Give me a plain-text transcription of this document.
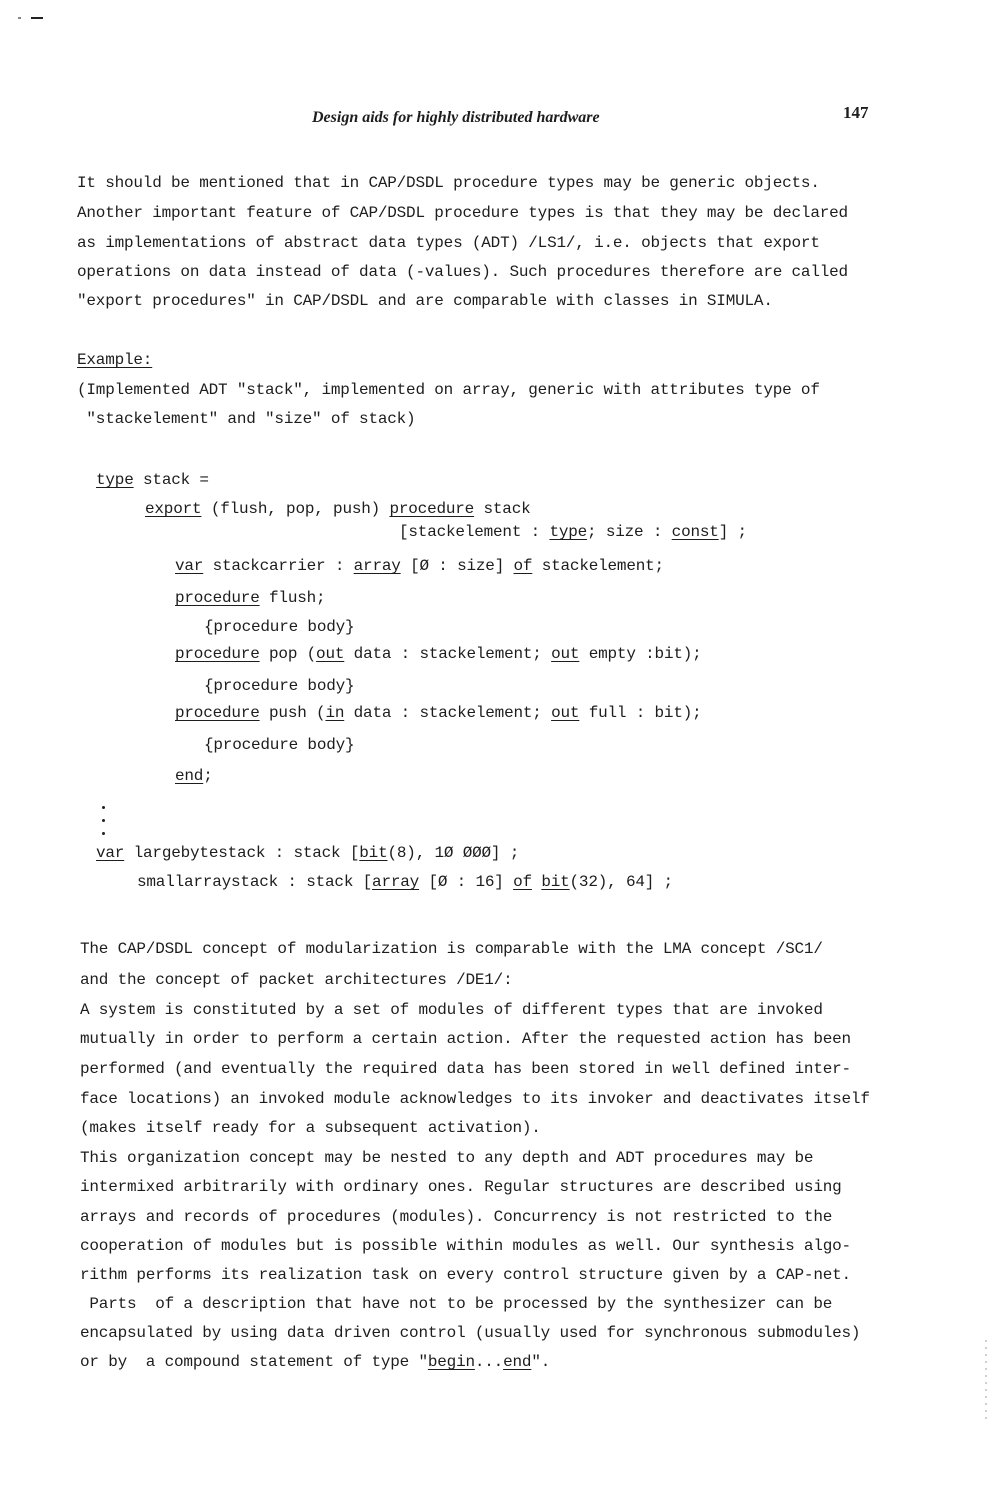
Design aids for highly distributed hardware	147
It should be mentioned that in CAP/DSDL procedure types may be generic objects.
Another important feature of CAP/DSDL procedure types is that they may be declared
as implementations of abstract data types (ADT) /LS1/, i.e. objects that export
operations on data instead of data (-values). Such procedures therefore are called
"export procedures" in CAP/DSDL and are comparable with classes in SIMULA.
Example:
(Implemented ADT "stack", implemented on array, generic with attributes type of
"stackelement" and "size" of stack)
type stack =
export (flush, pop, push) procedure stack
[stackelement : type; size : const] ;
var stackcarrier : array [Ø : size] of stackelement;
procedure flush;
{procedure body}
procedure pop (out data : stackelement; out empty :bit);
{procedure body}
procedure push (in data : stackelement; out full : bit);
{procedure body}
end;
var largebytestack : stack [bit(8), 1Ø ØØØ] ;
smallarraystack : stack [array [Ø : 16] of bit(32), 64] ;
The CAP/DSDL concept of modularization is comparable with the LMA concept /SC1/
and the concept of packet architectures /DE1/:
A system is constituted by a set of modules of different types that are invoked
mutually in order to perform a certain action. After the requested action has been
performed (and eventually the required data has been stored in well defined inter-
face locations) an invoked module acknowledges to its invoker and deactivates itself
(makes itself ready for a subsequent activation).
This organization concept may be nested to any depth and ADT procedures may be
intermixed arbitrarily with ordinary ones. Regular structures are described using
arrays and records of procedures (modules). Concurrency is not restricted to the
cooperation of modules but is possible within modules as well. Our synthesis algo-
rithm performs its realization task on every control structure given by a CAP-net.
Parts  of a description that have not to be processed by the synthesizer can be
encapsulated by using data driven control (usually used for synchronous submodules)
or by  a compound statement of type "begin...end".
